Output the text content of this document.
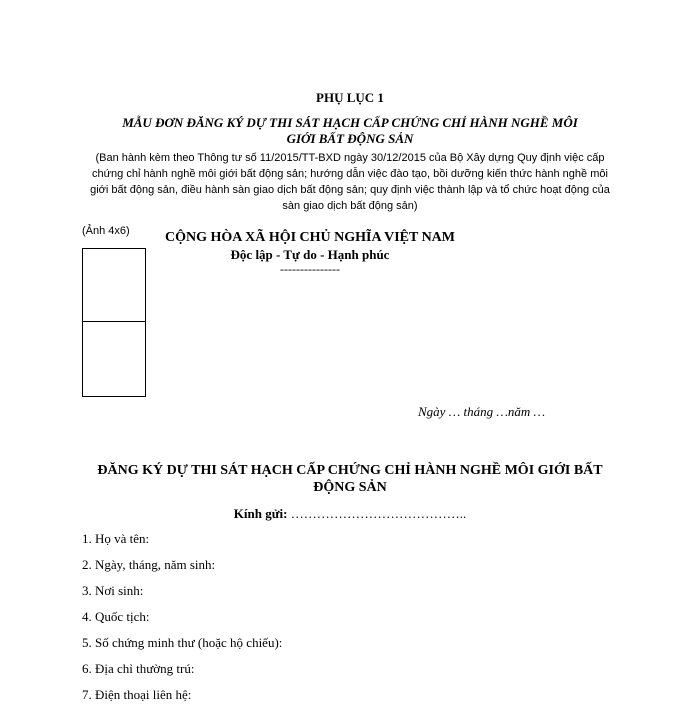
PHỤ LỤC 1
MẪU ĐƠN ĐĂNG KÝ DỰ THI SÁT HẠCH CẤP CHỨNG CHỈ HÀNH NGHỀ MÔI GIỚI BẤT ĐỘNG SẢN
(Ban hành kèm theo Thông tư số 11/2015/TT-BXD ngày 30/12/2015 của Bộ Xây dựng Quy định việc cấp chứng chỉ hành nghề môi giới bất động sản; hướng dẫn việc đào tạo, bồi dưỡng kiến thức hành nghề môi giới bất động sản, điều hành sàn giao dịch bất động sản; quy định việc thành lập và tổ chức hoạt động của sàn giao dịch bất động sản)
(Ảnh 4x6)	CỘNG HÒA XÃ HỘI CHỦ NGHĨA VIỆT NAM
Độc lập - Tự do - Hạnh phúc
---------------
Ngày … tháng …năm …
ĐĂNG KÝ DỰ THI SÁT HẠCH CẤP CHỨNG CHỈ HÀNH NGHỀ MÔI GIỚI BẤT ĐỘNG SẢN
Kính gửi: …………………………………..
1. Họ và tên:
2. Ngày, tháng, năm sinh:
3. Nơi sinh:
4. Quốc tịch:
5. Số chứng minh thư (hoặc hộ chiếu):
6. Địa chỉ thường trú:
7. Điện thoại liên hệ:
